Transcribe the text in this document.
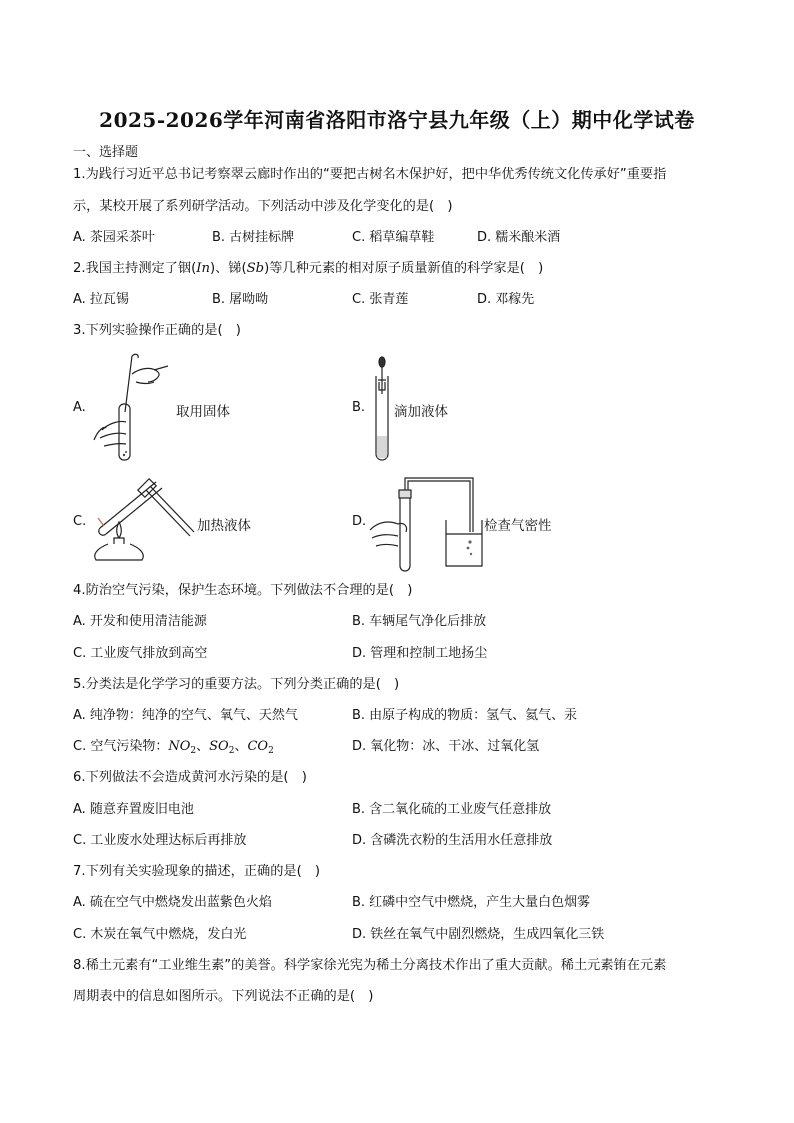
2025-2026学年河南省洛阳市洛宁县九年级（上）期中化学试卷
一、选择题
1.为践行习近平总书记考察翠云廊时作出的“要把古树名木保护好，把中华优秀传统文化传承好”重要指
示，某校开展了系列研学活动。下列活动中涉及化学变化的是(　)
A. 茶园采茶叶	B. 古树挂标牌	C. 稻草编草鞋	D. 糯米酿米酒
2.我国主持测定了铟(In)、锑(Sb)等几种元素的相对原子质量新值的科学家是(　)
A. 拉瓦锡	B. 屠呦呦	C. 张青莲	D. 邓稼先
3.下列实验操作正确的是(　)
A.	取用固体	B. 滴加液体
C.	加热液体	D.	检查气密性
4.防治空气污染，保护生态环境。下列做法不合理的是(　)
A. 开发和使用清洁能源	B. 车辆尾气净化后排放
C. 工业废气排放到高空	D. 管理和控制工地扬尘
5.分类法是化学学习的重要方法。下列分类正确的是(　)
A. 纯净物：纯净的空气、氧气、天然气	B. 由原子构成的物质：氢气、氦气、汞
C. 空气污染物：$NO_2$、$SO_2$、$CO_2$	D. 氧化物：冰、干冰、过氧化氢
6.下列做法不会造成黄河水污染的是(　)
A. 随意弃置废旧电池	B. 含二氧化硫的工业废气任意排放
C. 工业废水处理达标后再排放	D. 含磷洗衣粉的生活用水任意排放
7.下列有关实验现象的描述，正确的是(　)
A. 硫在空气中燃烧发出蓝紫色火焰	B. 红磷中空气中燃烧，产生大量白色烟雾
C. 木炭在氧气中燃烧，发白光	D. 铁丝在氧气中剧烈燃烧，生成四氧化三铁
8.稀土元素有“工业维生素”的美誉。科学家徐光宪为稀土分离技术作出了重大贡献。稀土元素铕在元素
周期表中的信息如图所示。下列说法不正确的是(　)
